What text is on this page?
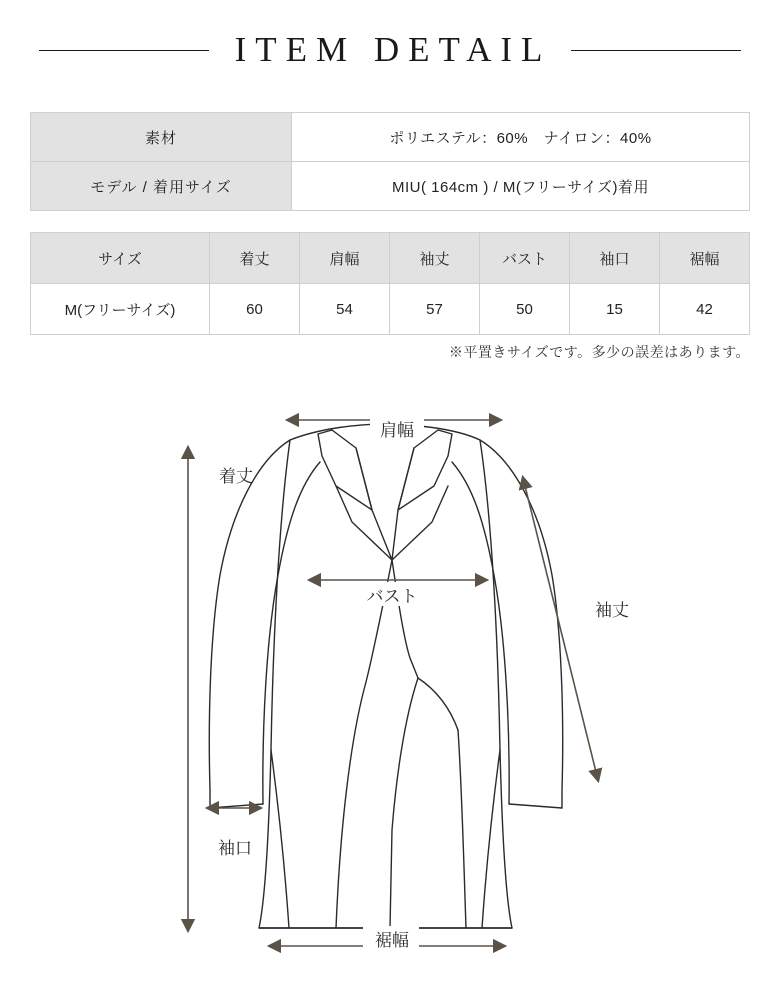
ITEM DETAIL
素材	ポリエステル：60%　ナイロン：40%
モデル / 着用サイズ	MIU( 164cm ) / M(フリーサイズ)着用
サイズ	着丈	肩幅	袖丈	バスト	袖口	裾幅
M(フリーサイズ)	60	54	57	50	15	42
※平置きサイズです。多少の誤差はあります。
肩幅
着丈
バスト
袖丈
袖口
裾幅
